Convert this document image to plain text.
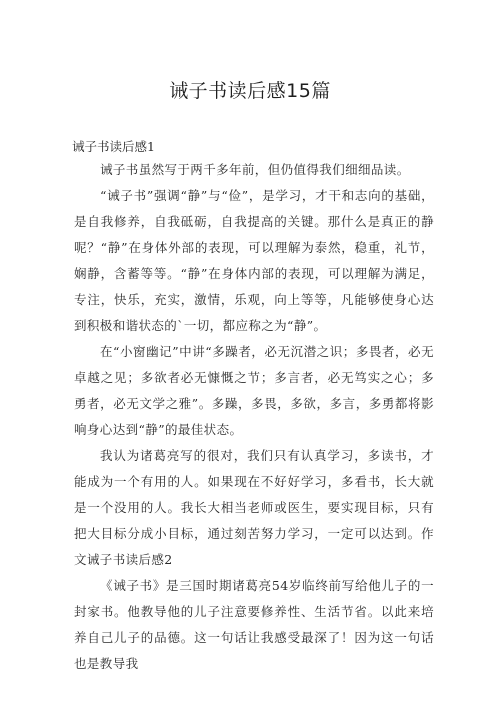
诫子书读后感15篇
诫子书读后感1

诫子书虽然写于两千多年前，但仍值得我们细细品读。

“诫子书”强调“静”与“俭”，是学习，才干和志向的基础，是自我修养，自我砥砺，自我提高的关键。那什么是真正的静呢？“静”在身体外部的表现，可以理解为泰然，稳重，礼节，娴静，含蓄等等。“静”在身体内部的表现，可以理解为满足，专注，快乐，充实，激情，乐观，向上等等，凡能够使身心达到积极和谐状态的`一切，都应称之为“静”。

在“小窗幽记”中讲“多躁者，必无沉潜之识；多畏者，必无卓越之见；多欲者必无慷慨之节；多言者，必无笃实之心；多勇者，必无文学之雅”。多躁，多畏，多欲，多言，多勇都将影响身心达到“静”的最佳状态。

我认为诸葛亮写的很对，我们只有认真学习，多读书，才能成为一个有用的人。如果现在不好好学习，多看书，长大就是一个没用的人。我长大相当老师或医生，要实现目标，只有把大目标分成小目标，通过刻苦努力学习，一定可以达到。作文诫子书读后感2

《诫子书》是三国时期诸葛亮54岁临终前写给他儿子的一封家书。他教导他的儿子注意要修养性、生活节省。以此来培养自己儿子的品德。这一句话让我感受最深了！因为这一句话也是教导我
